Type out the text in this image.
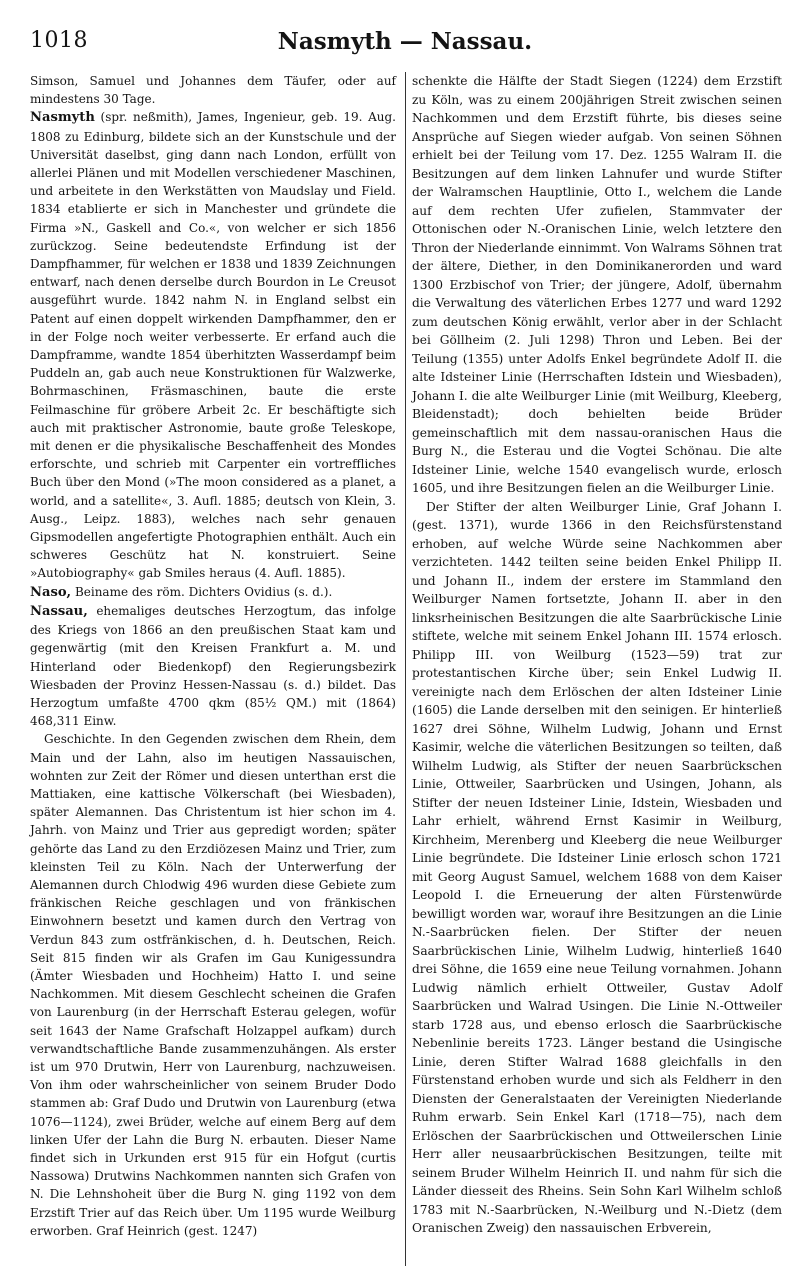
1018	Nasmyth — Nassau.

Simson, Samuel und Johannes dem Täufer, oder auf mindestens 30 Tage.

Nasmyth (spr. neßmith), James, Ingenieur, geb. 19. Aug. 1808 zu Edinburg, bildete sich an der Kunstschule und der Universität daselbst, ging dann nach London, erfüllt von allerlei Plänen und mit Modellen verschiedener Maschinen, und arbeitete in den Werkstätten von Maudslay und Field. 1834 etablierte er sich in Manchester und gründete die Firma »N., Gaskell and Co.«, von welcher er sich 1856 zurückzog. Seine bedeutendste Erfindung ist der Dampfhammer, für welchen er 1838 und 1839 Zeichnungen entwarf, nach denen derselbe durch Bourdon in Le Creusot ausgeführt wurde. 1842 nahm N. in England selbst ein Patent auf einen doppelt wirkenden Dampfhammer, den er in der Folge noch weiter verbesserte. Er erfand auch die Dampframme, wandte 1854 überhitzten Wasserdampf beim Puddeln an, gab auch neue Konstruktionen für Walzwerke, Bohrmaschinen, Fräsmaschinen, baute die erste Feilmaschine für gröbere Arbeit 2c. Er beschäftigte sich auch mit praktischer Astronomie, baute große Teleskope, mit denen er die physikalische Beschaffenheit des Mondes erforschte, und schrieb mit Carpenter ein vortreffliches Buch über den Mond (»The moon considered as a planet, a world, and a satellite«, 3. Aufl. 1885; deutsch von Klein, 3. Ausg., Leipz. 1883), welches nach sehr genauen Gipsmodellen angefertigte Photographien enthält. Auch ein schweres Geschütz hat N. konstruiert. Seine »Autobiography« gab Smiles heraus (4. Aufl. 1885).

Naso, Beiname des röm. Dichters Ovidius (s. d.).

Nassau, ehemaliges deutsches Herzogtum, das infolge des Kriegs von 1866 an den preußischen Staat kam und gegenwärtig (mit den Kreisen Frankfurt a. M. und Hinterland oder Biedenkopf) den Regierungsbezirk Wiesbaden der Provinz Hessen-Nassau (s. d.) bildet. Das Herzogtum umfaßte 4700 qkm (85½ QM.) mit (1864) 468,311 Einw.

Geschichte. In den Gegenden zwischen dem Rhein, dem Main und der Lahn, also im heutigen Nassauischen, wohnten zur Zeit der Römer und diesen unterthan erst die Mattiaken, eine kattische Völkerschaft (bei Wiesbaden), später Alemannen. Das Christentum ist hier schon im 4. Jahrh. von Mainz und Trier aus gepredigt worden; später gehörte das Land zu den Erzdiözesen Mainz und Trier, zum kleinsten Teil zu Köln. Nach der Unterwerfung der Alemannen durch Chlodwig 496 wurden diese Gebiete zum fränkischen Reiche geschlagen und von fränkischen Einwohnern besetzt und kamen durch den Vertrag von Verdun 843 zum ostfränkischen, d. h. Deutschen, Reich. Seit 815 finden wir als Grafen im Gau Kunigessundra (Ämter Wiesbaden und Hochheim) Hatto I. und seine Nachkommen. Mit diesem Geschlecht scheinen die Grafen von Laurenburg (in der Herrschaft Esterau gelegen, wofür seit 1643 der Name Grafschaft Holzappel aufkam) durch verwandtschaftliche Bande zusammenzuhängen. Als erster ist um 970 Drutwin, Herr von Laurenburg, nachzuweisen. Von ihm oder wahrscheinlicher von seinem Bruder Dodo stammen ab: Graf Dudo und Drutwin von Laurenburg (etwa 1076—1124), zwei Brüder, welche auf einem Berg auf dem linken Ufer der Lahn die Burg N. erbauten. Dieser Name findet sich in Urkunden erst 915 für ein Hofgut (curtis Nassowa) Drutwins Nachkommen nannten sich Grafen von N. Die Lehnshoheit über die Burg N. ging 1192 von dem Erzstift Trier auf das Reich über. Um 1195 wurde Weilburg erworben. Graf Heinrich (gest. 1247)

schenkte die Hälfte der Stadt Siegen (1224) dem Erzstift zu Köln, was zu einem 200jährigen Streit zwischen seinen Nachkommen und dem Erzstift führte, bis dieses seine Ansprüche auf Siegen wieder aufgab. Von seinen Söhnen erhielt bei der Teilung vom 17. Dez. 1255 Walram II. die Besitzungen auf dem linken Lahnufer und wurde Stifter der Walramschen Hauptlinie, Otto I., welchem die Lande auf dem rechten Ufer zufielen, Stammvater der Ottonischen oder N.-Oranischen Linie, welch letztere den Thron der Niederlande einnimmt. Von Walrams Söhnen trat der ältere, Diether, in den Dominikanerorden und ward 1300 Erzbischof von Trier; der jüngere, Adolf, übernahm die Verwaltung des väterlichen Erbes 1277 und ward 1292 zum deutschen König erwählt, verlor aber in der Schlacht bei Göllheim (2. Juli 1298) Thron und Leben. Bei der Teilung (1355) unter Adolfs Enkel begründete Adolf II. die alte Idsteiner Linie (Herrschaften Idstein und Wiesbaden), Johann I. die alte Weilburger Linie (mit Weilburg, Kleeberg, Bleidenstadt); doch behielten beide Brüder gemeinschaftlich mit dem nassau-oranischen Haus die Burg N., die Esterau und die Vogtei Schönau. Die alte Idsteiner Linie, welche 1540 evangelisch wurde, erlosch 1605, und ihre Besitzungen fielen an die Weilburger Linie.

Der Stifter der alten Weilburger Linie, Graf Johann I. (gest. 1371), wurde 1366 in den Reichsfürstenstand erhoben, auf welche Würde seine Nachkommen aber verzichteten. 1442 teilten seine beiden Enkel Philipp II. und Johann II., indem der erstere im Stammland den Weilburger Namen fortsetzte, Johann II. aber in den linksrheinischen Besitzungen die alte Saarbrückische Linie stiftete, welche mit seinem Enkel Johann III. 1574 erlosch. Philipp III. von Weilburg (1523—59) trat zur protestantischen Kirche über; sein Enkel Ludwig II. vereinigte nach dem Erlöschen der alten Idsteiner Linie (1605) die Lande derselben mit den seinigen. Er hinterließ 1627 drei Söhne, Wilhelm Ludwig, Johann und Ernst Kasimir, welche die väterlichen Besitzungen so teilten, daß Wilhelm Ludwig, als Stifter der neuen Saarbrückschen Linie, Ottweiler, Saarbrücken und Usingen, Johann, als Stifter der neuen Idsteiner Linie, Idstein, Wiesbaden und Lahr erhielt, während Ernst Kasimir in Weilburg, Kirchheim, Merenberg und Kleeberg die neue Weilburger Linie begründete. Die Idsteiner Linie erlosch schon 1721 mit Georg August Samuel, welchem 1688 von dem Kaiser Leopold I. die Erneuerung der alten Fürstenwürde bewilligt worden war, worauf ihre Besitzungen an die Linie N.-Saarbrücken fielen. Der Stifter der neuen Saarbrückischen Linie, Wilhelm Ludwig, hinterließ 1640 drei Söhne, die 1659 eine neue Teilung vornahmen. Johann Ludwig nämlich erhielt Ottweiler, Gustav Adolf Saarbrücken und Walrad Usingen. Die Linie N.-Ottweiler starb 1728 aus, und ebenso erlosch die Saarbrückische Nebenlinie bereits 1723. Länger bestand die Usingische Linie, deren Stifter Walrad 1688 gleichfalls in den Fürstenstand erhoben wurde und sich als Feldherr in den Diensten der Generalstaaten der Vereinigten Niederlande Ruhm erwarb. Sein Enkel Karl (1718—75), nach dem Erlöschen der Saarbrückischen und Ottweilerschen Linie Herr aller neusaarbrückischen Besitzungen, teilte mit seinem Bruder Wilhelm Heinrich II. und nahm für sich die Länder diesseit des Rheins. Sein Sohn Karl Wilhelm schloß 1783 mit N.-Saarbrücken, N.-Weilburg und N.-Dietz (dem Oranischen Zweig) den nassauischen Erbverein,
